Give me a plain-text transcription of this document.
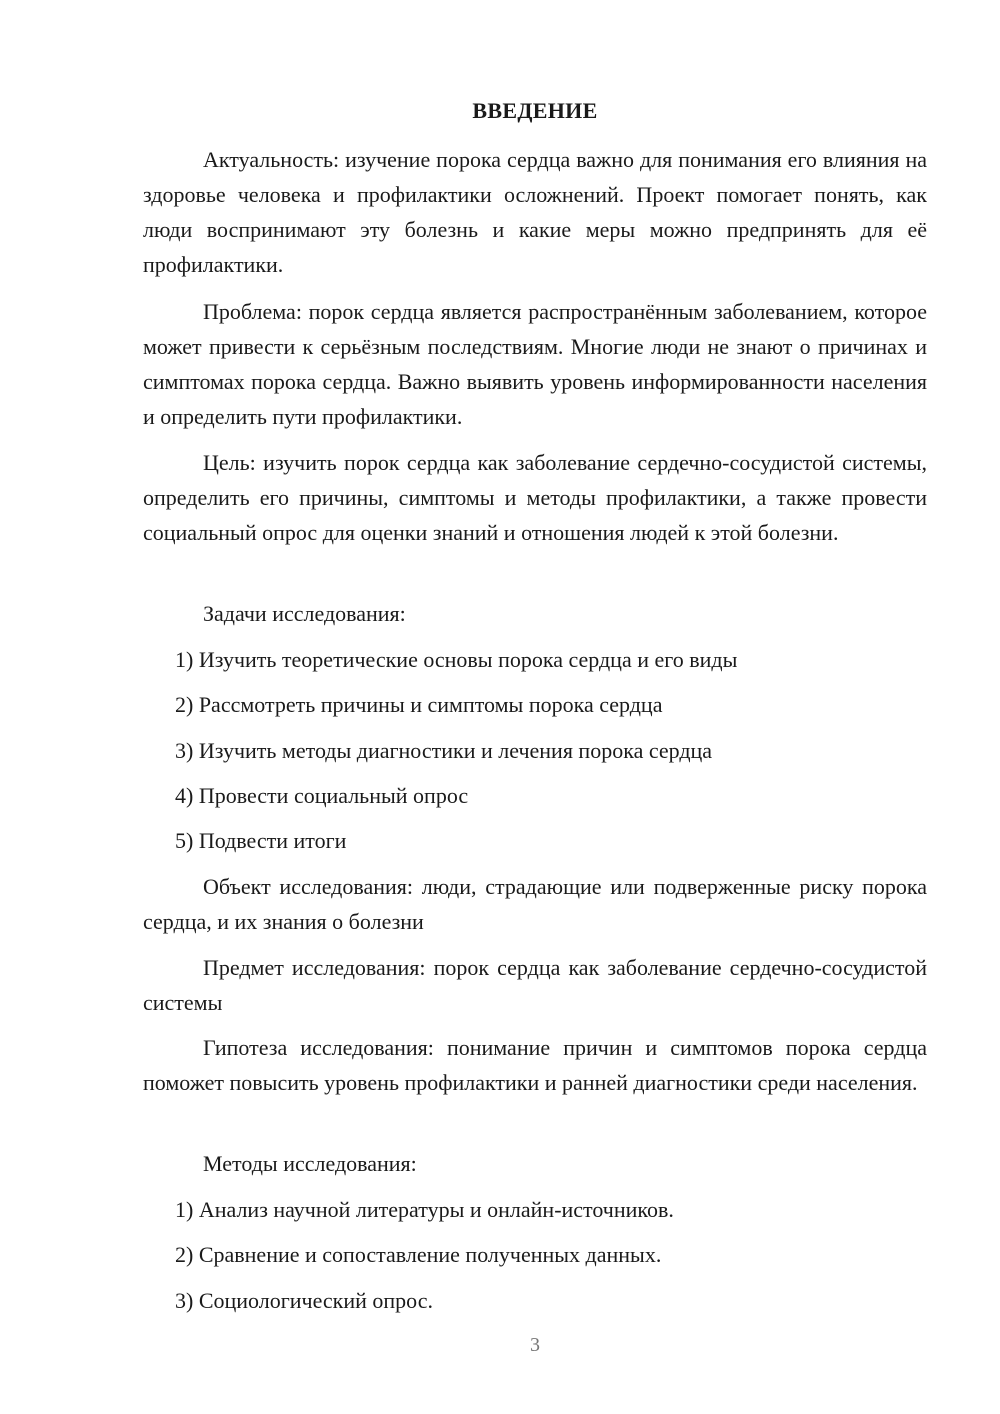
ВВЕДЕНИЕ

Актуальность: изучение порока сердца важно для понимания его влияния на здоровье человека и профилактики осложнений. Проект помогает понять, как люди воспринимают эту болезнь и какие меры можно предпринять для её профилактики.

Проблема: порок сердца является распространённым заболеванием, которое может привести к серьёзным последствиям. Многие люди не знают о причинах и симптомах порока сердца. Важно выявить уровень информированности населения и определить пути профилактики.

Цель: изучить порок сердца как заболевание сердечно-сосудистой системы, определить его причины, симптомы и методы профилактики, а также провести социальный опрос для оценки знаний и отношения людей к этой болезни.

Задачи исследования:

1) Изучить теоретические основы порока сердца и его виды

2) Рассмотреть причины и симптомы порока сердца

3) Изучить методы диагностики и лечения порока сердца

4) Провести социальный опрос

5) Подвести итоги

Объект исследования: люди, страдающие или подверженные риску порока сердца, и их знания о болезни

Предмет исследования: порок сердца как заболевание сердечно-сосудистой системы

Гипотеза исследования: понимание причин и симптомов порока сердца поможет повысить уровень профилактики и ранней диагностики среди населения.

Методы исследования:

1) Анализ научной литературы и онлайн-источников.

2) Сравнение и сопоставление полученных данных.

3) Социологический опрос.

3
